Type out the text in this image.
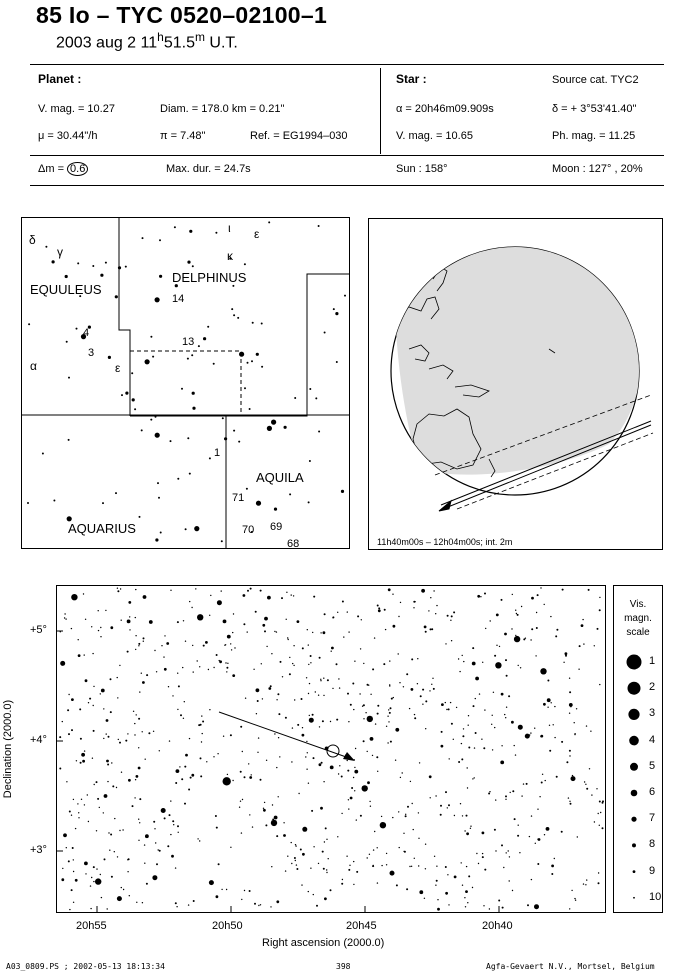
85 Io – TYC 0520–02100–1
2003 aug 2 11$^h$51.5$^m$ U.T.
Planet :
V. mag. = 10.27	Diam. = 178.0 km = 0.21"
μ = 30.44"/h	π = 7.48"	Ref. = EG1994–030
Star :	Source cat. TYC2
α = 20h46m09.909s	δ = + 3°53'41.40"
V. mag. = 10.65	Ph. mag. = 11.25
Δm = 0.6	Max. dur. = 24.7s	Sun : 158°	Moon : 127° , 20%
EQUULEUS
DELPHINUS
AQUILA
AQUARIUS
δ
γ
α	ε
ι ε
κ
14
13
4
3
1
71
70 69
68	11h40m00s – 12h04m00s; int. 2m
+5°
+4°
+3°
20h55	20h50	20h45	20h40
Right ascension (2000.0)
Declination (2000.0)
Vis.
magn.
scale
1
2
3
4
5
6
7
8
9
10
A03_0809.PS ; 2002-05-13 18:13:34	398	Agfa-Gevaert N.V., Mortsel, Belgium
